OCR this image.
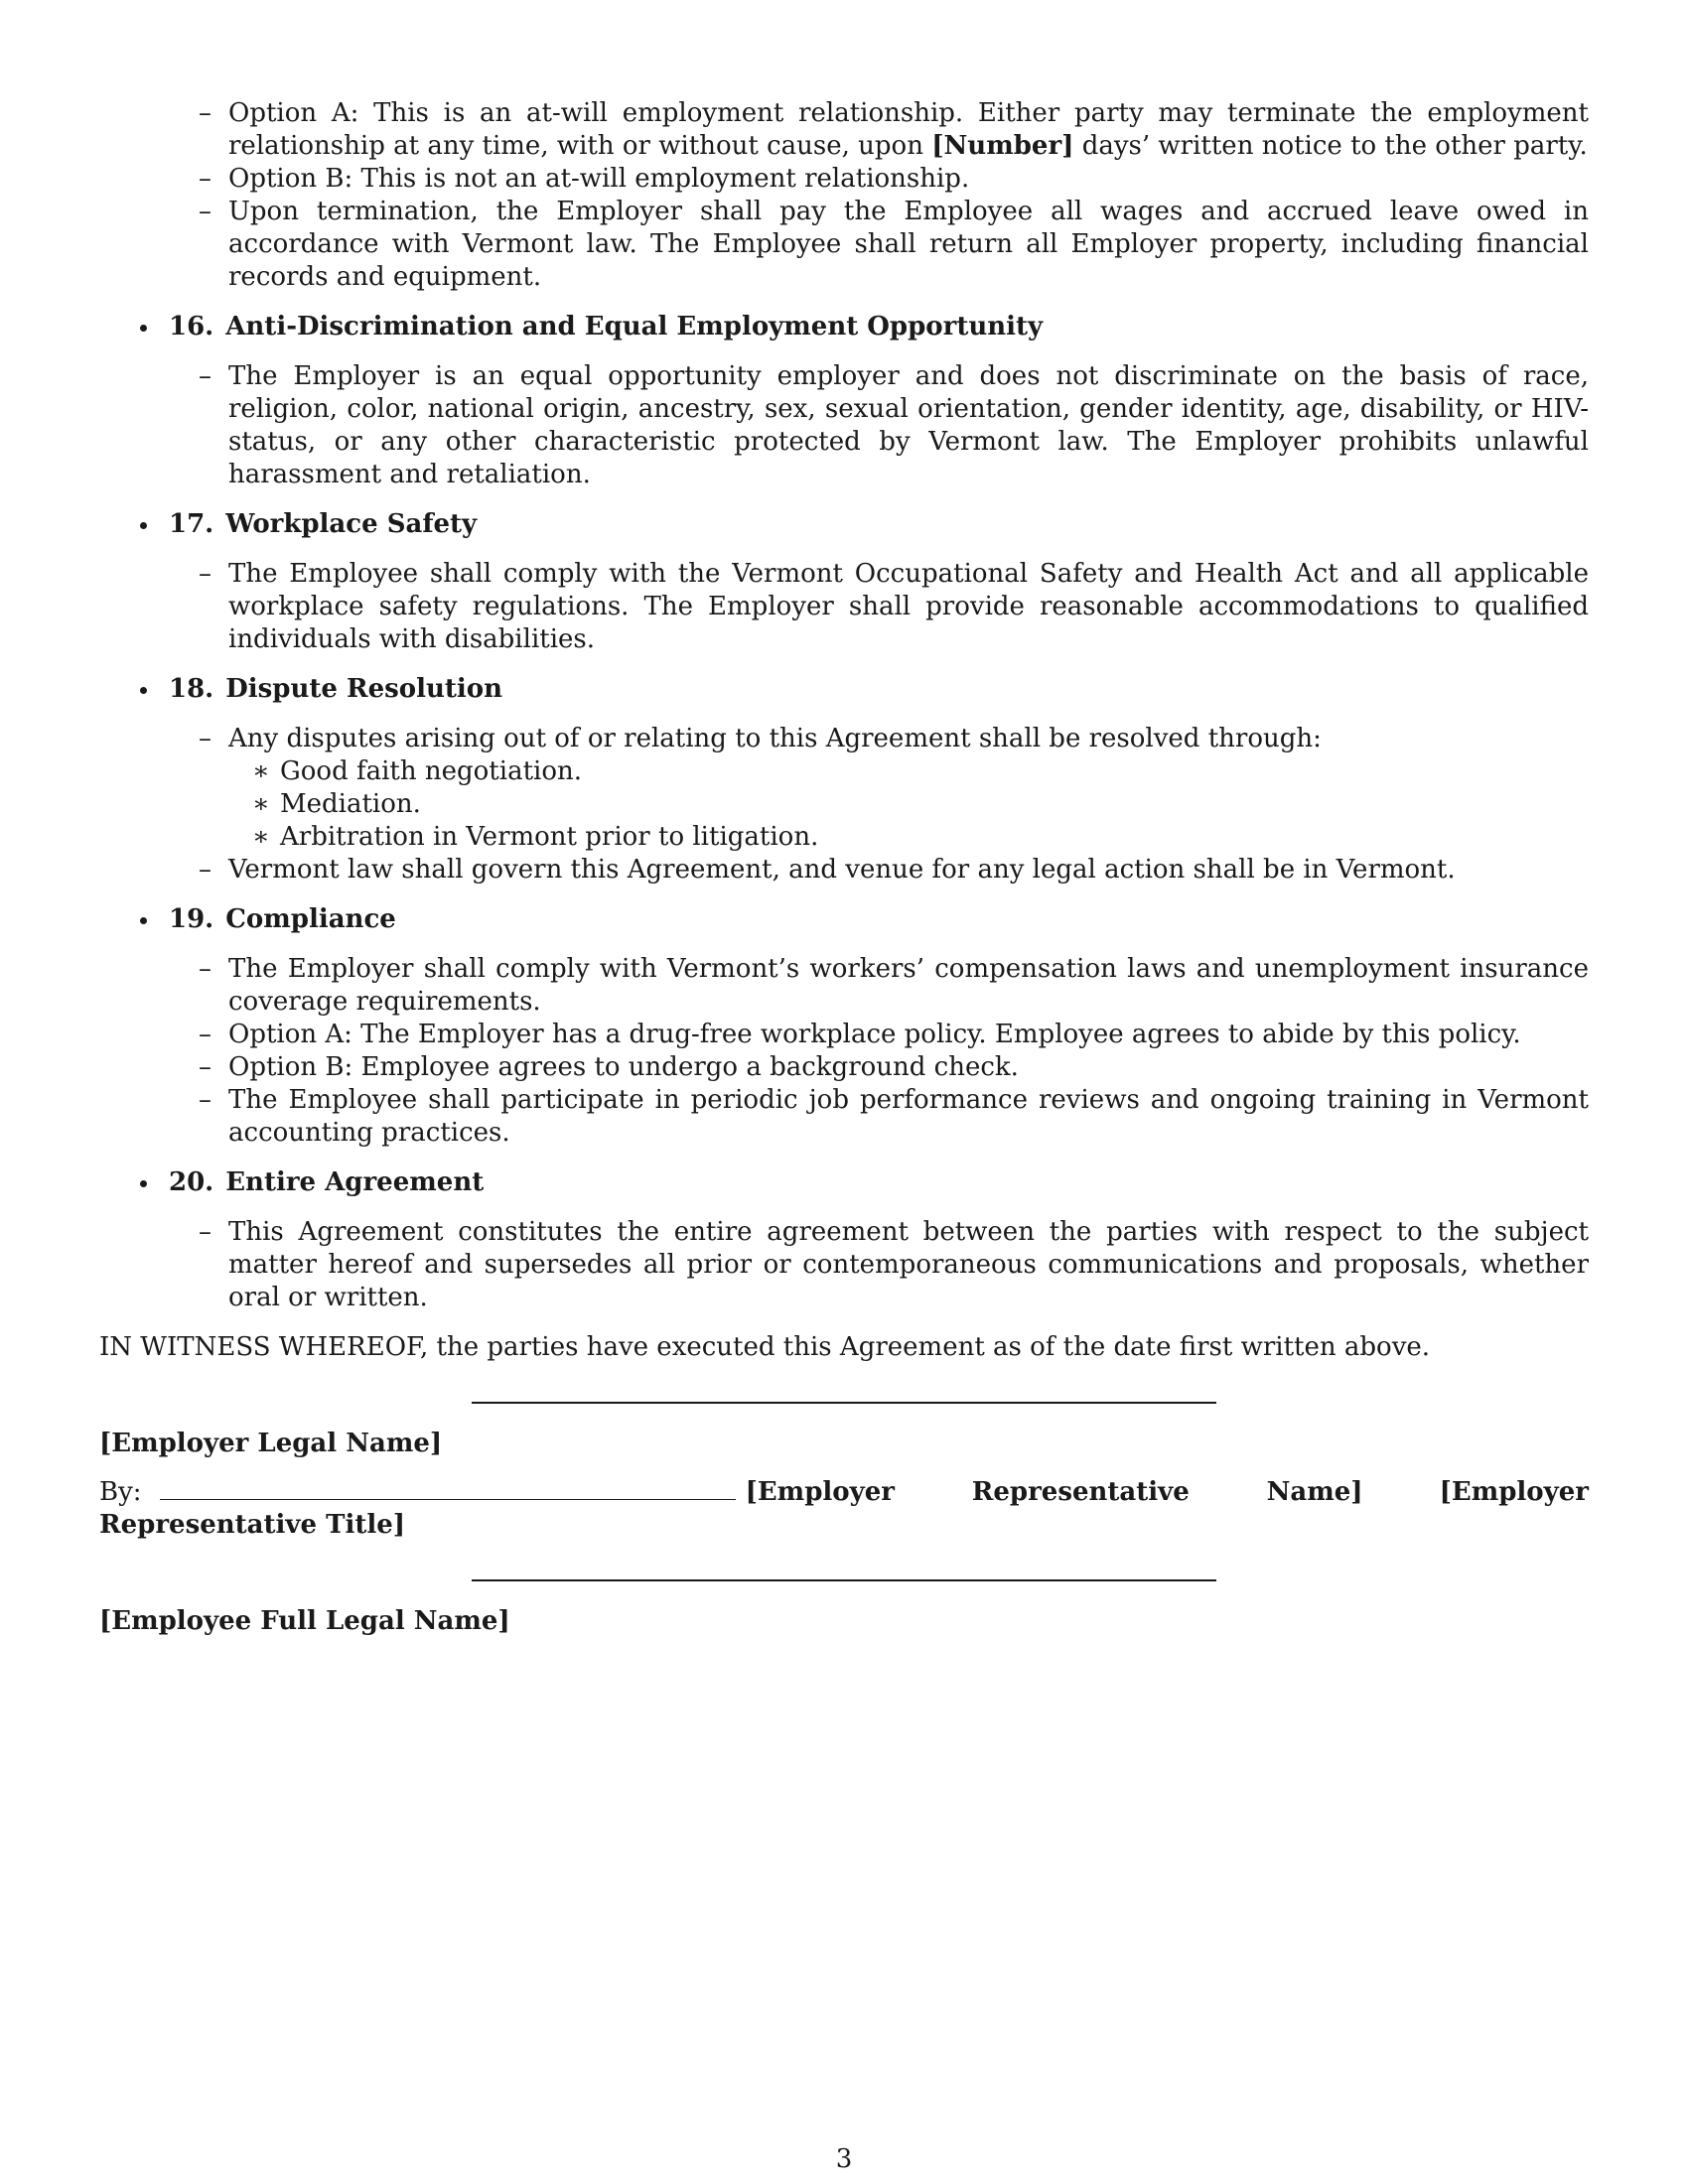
– Option A: This is an at-will employment relationship. Either party may terminate the employment relationship at any time, with or without cause, upon [Number] days’ written notice to the other party.
– Option B: This is not an at-will employment relationship.
– Upon termination, the Employer shall pay the Employee all wages and accrued leave owed in accordance with Vermont law. The Employee shall return all Employer property, including financial records and equipment.
16. Anti-Discrimination and Equal Employment Opportunity
– The Employer is an equal opportunity employer and does not discriminate on the basis of race, religion, color, national origin, ancestry, sex, sexual orientation, gender identity, age, disability, or HIV-status, or any other characteristic protected by Vermont law. The Employer prohibits unlawful harassment and retaliation.
17. Workplace Safety
– The Employee shall comply with the Vermont Occupational Safety and Health Act and all applicable workplace safety regulations. The Employer shall provide reasonable accommodations to qualified individuals with disabilities.
18. Dispute Resolution
– Any disputes arising out of or relating to this Agreement shall be resolved through:
∗ Good faith negotiation.
∗ Mediation.
∗ Arbitration in Vermont prior to litigation.
– Vermont law shall govern this Agreement, and venue for any legal action shall be in Vermont.
19. Compliance
– The Employer shall comply with Vermont’s workers’ compensation laws and unemployment insurance coverage requirements.
– Option A: The Employer has a drug-free workplace policy. Employee agrees to abide by this policy.
– Option B: Employee agrees to undergo a background check.
– The Employee shall participate in periodic job performance reviews and ongoing training in Vermont accounting practices.
20. Entire Agreement
– This Agreement constitutes the entire agreement between the parties with respect to the subject matter hereof and supersedes all prior or contemporaneous communications and proposals, whether oral or written.
IN WITNESS WHEREOF, the parties have executed this Agreement as of the date first written above.
[Employer Legal Name]
By:	[Employer Representative Name]	[Employer Representative Title]
[Employee Full Legal Name]
3
